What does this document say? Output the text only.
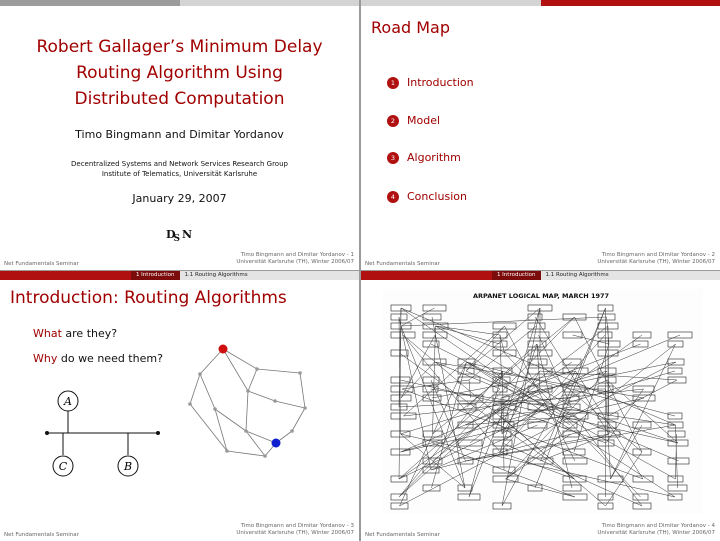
Robert Gallager’s Minimum Delay
Routing Algorithm Using
Distributed Computation
Timo Bingmann and Dimitar Yordanov
Decentralized Systems and Network Services Research Group
Institute of Telematics, Universität Karlsruhe
January 29, 2007
$D_S$ N
Timo Bingmann and Dimitar Yordanov - 1
Universität Karlsruhe (TH), Winter 2006/07
Net Fundamentals Seminar
Road Map
1	Introduction
2	Model
3	Algorithm
4	Conclusion
Timo Bingmann and Dimitar Yordanov - 2
Universität Karlsruhe (TH), Winter 2006/07
Net Fundamentals Seminar
1 Introduction	1.1 Routing Algorithms
Introduction: Routing Algorithms
What are they?
Why do we need them?
A
C	B
Timo Bingmann and Dimitar Yordanov - 3
Universität Karlsruhe (TH), Winter 2006/07
Net Fundamentals Seminar
1 Introduction	1.1 Routing Algorithms
ARPANET LOGICAL MAP, MARCH 1977
Timo Bingmann and Dimitar Yordanov - 4
Universität Karlsruhe (TH), Winter 2006/07
Net Fundamentals Seminar
